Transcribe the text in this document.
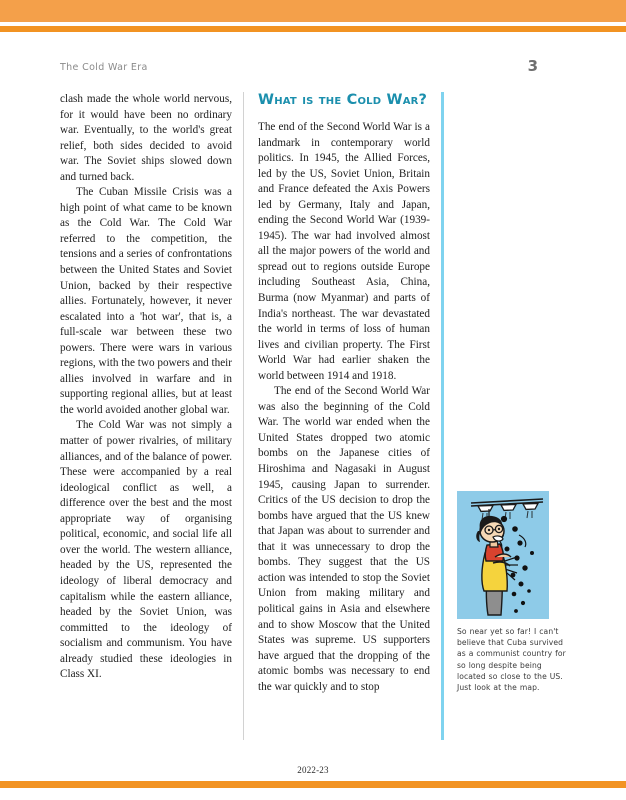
The Cold War Era	3

clash made the whole world nervous, for it would have been no ordinary war. Eventually, to the world's great relief, both sides decided to avoid war. The Soviet ships slowed down and turned back.

The Cuban Missile Crisis was a high point of what came to be known as the Cold War. The Cold War referred to the competition, the tensions and a series of confrontations between the United States and Soviet Union, backed by their respective allies. Fortunately, however, it never escalated into a 'hot war', that is, a full-scale war between these two powers. There were wars in various regions, with the two powers and their allies involved in warfare and in supporting regional allies, but at least the world avoided another global war.

The Cold War was not simply a matter of power rivalries, of military alliances, and of the balance of power. These were accompanied by a real ideological conflict as well, a difference over the best and the most appropriate way of organising political, economic, and social life all over the world. The western alliance, headed by the US, represented the ideology of liberal democracy and capitalism while the eastern alliance, headed by the Soviet Union, was committed to the ideology of socialism and communism. You have already studied these ideologies in Class XI.

What is the Cold War?

The end of the Second World War is a landmark in contemporary world politics. In 1945, the Allied Forces, led by the US, Soviet Union, Britain and France defeated the Axis Powers led by Germany, Italy and Japan, ending the Second World War (1939-1945). The war had involved almost all the major powers of the world and spread out to regions outside Europe including Southeast Asia, China, Burma (now Myanmar) and parts of India's northeast. The war devastated the world in terms of loss of human lives and civilian property. The First World War had earlier shaken the world between 1914 and 1918.

The end of the Second World War was also the beginning of the Cold War. The world war ended when the United States dropped two atomic bombs on the Japanese cities of Hiroshima and Nagasaki in August 1945, causing Japan to surrender. Critics of the US decision to drop the bombs have argued that the US knew that Japan was about to surrender and that it was unnecessary to drop the bombs. They suggest that the US action was intended to stop the Soviet Union from making military and political gains in Asia and elsewhere and to show Moscow that the United States was supreme. US supporters have argued that the dropping of the atomic bombs was necessary to end the war quickly and to stop

So near yet so far! I can't believe that Cuba survived as a communist country for so long despite being located so close to the US. Just look at the map.
2022-23
